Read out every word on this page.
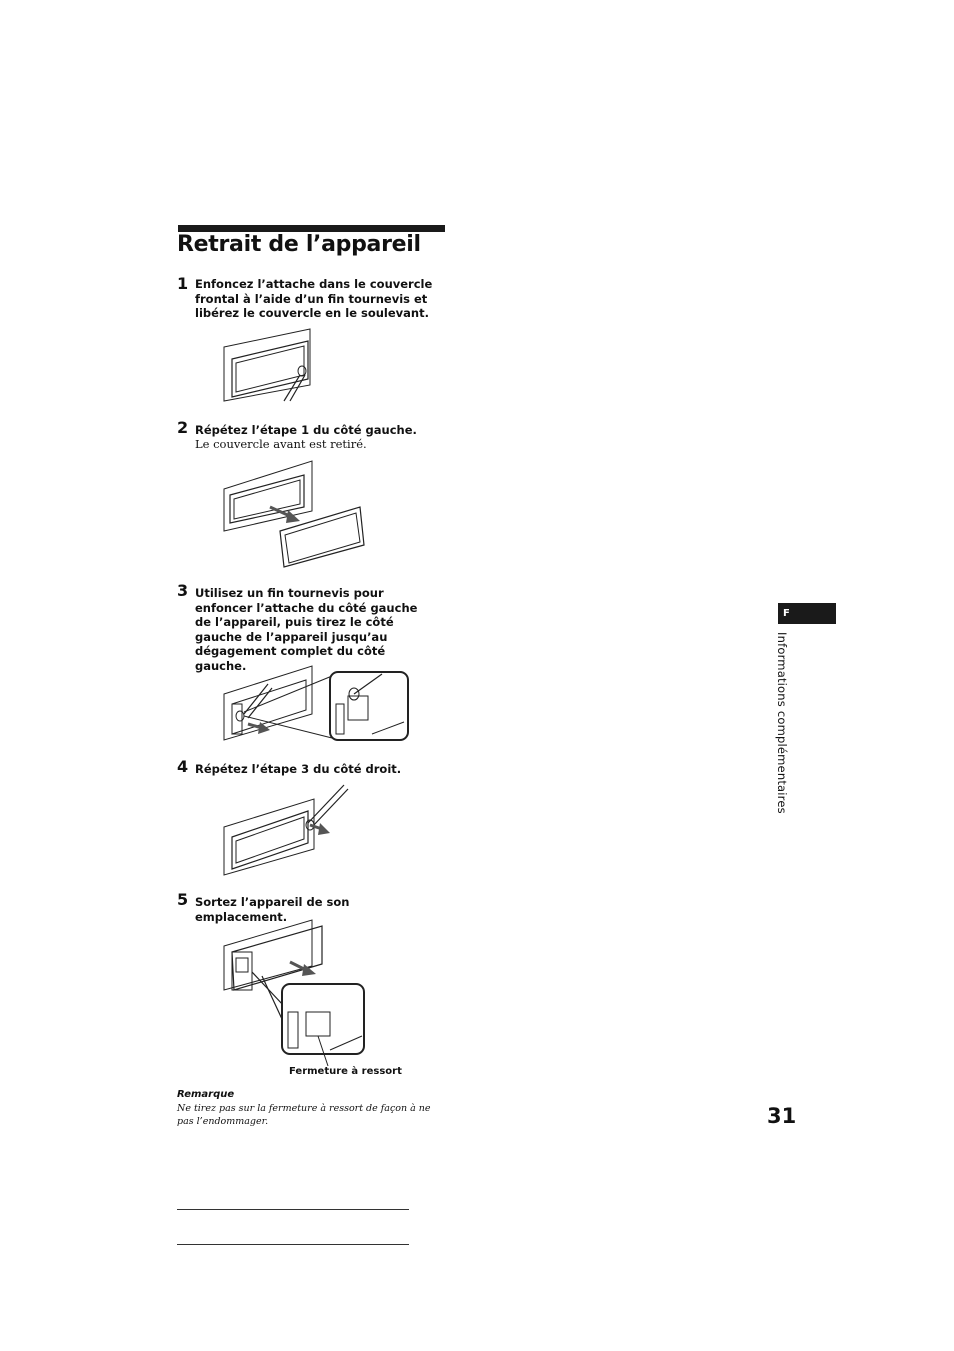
Retrait de l’appareil
1 Enfoncez l’attache dans le couvercle frontal à l’aide d’un fin tournevis et libérez le couvercle en le soulevant.
2 Répétez l’étape 1 du côté gauche.
Le couvercle avant est retiré.
3 Utilisez un fin tournevis pour enfoncer l’attache du côté gauche de l’appareil, puis tirez le côté gauche de l’appareil jusqu’au dégagement complet du côté gauche.
4 Répétez l’étape 3 du côté droit.
5 Sortez l’appareil de son emplacement.
Fermeture à ressort
Remarque
Ne tirez pas sur la fermeture à ressort de façon à ne pas l’endommager.
F
Informations complémentaires
31
